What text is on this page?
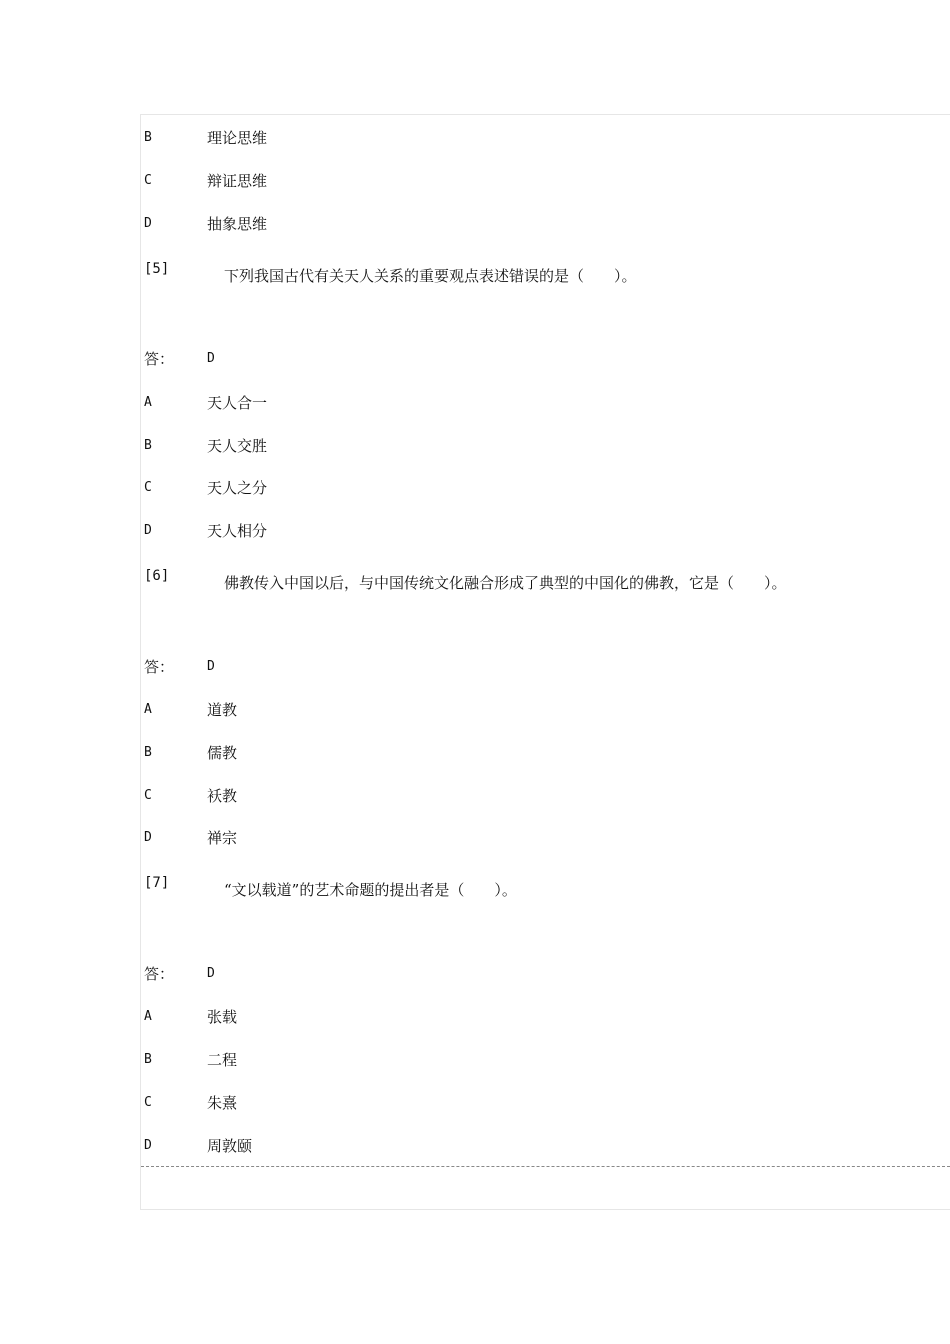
B	理论思维
C	辩证思维
D	抽象思维
[5]	下列我国古代有关天人关系的重要观点表述错误的是（　　）。
答：	D
A	天人合一
B	天人交胜
C	天人之分
D	天人相分
[6]	佛教传入中国以后，与中国传统文化融合形成了典型的中国化的佛教，它是（　　）。
答：	D
A	道教
B	儒教
C	袄教
D	禅宗
[7]	“文以载道”的艺术命题的提出者是（　　）。
答：	D
A	张载
B	二程
C	朱熹
D	周敦颐
